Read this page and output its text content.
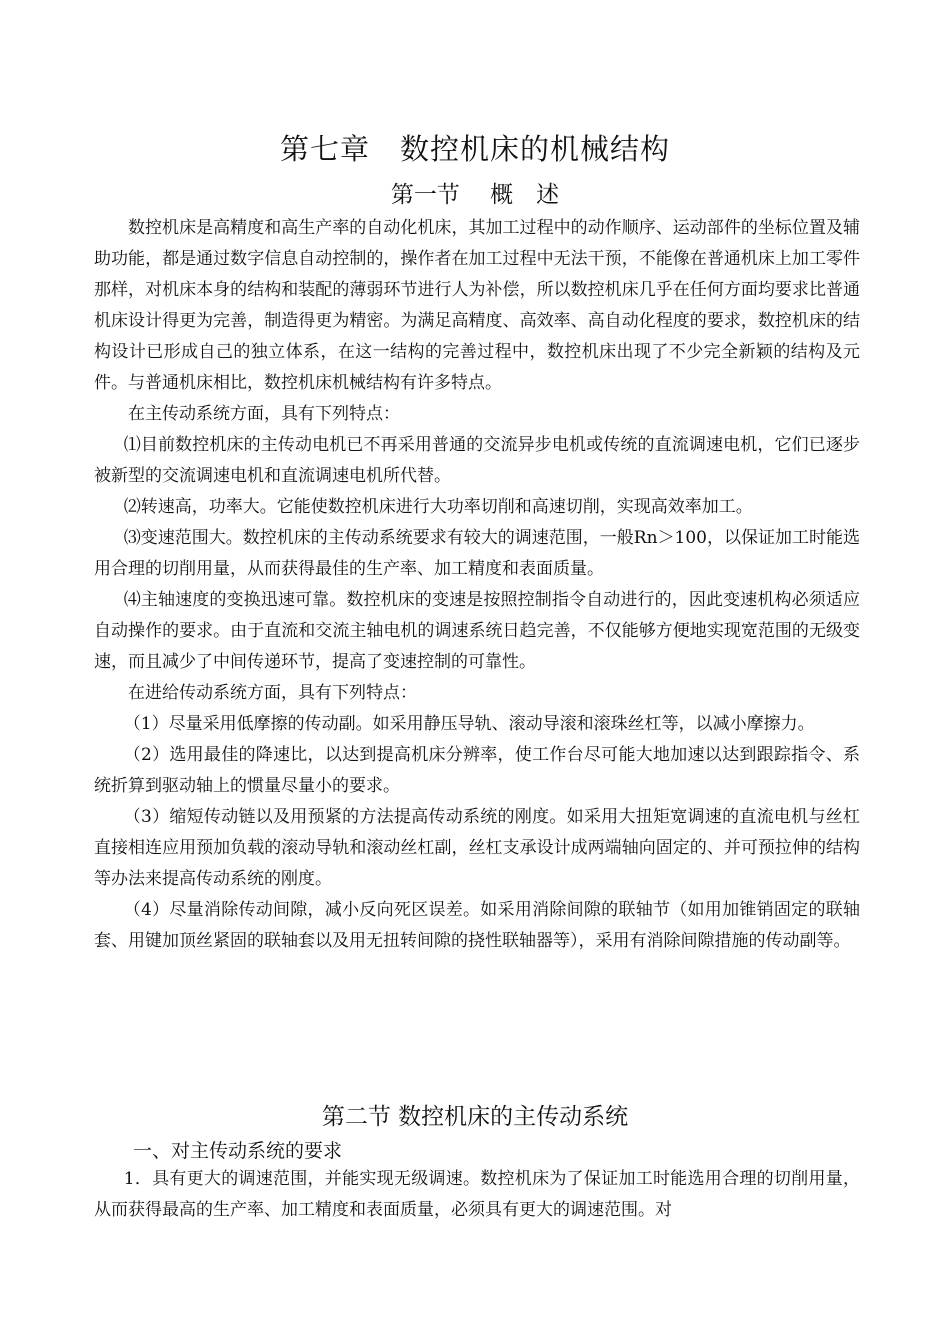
第七章　数控机床的机械结构
第一节　 概　述

数控机床是高精度和高生产率的自动化机床，其加工过程中的动作顺序、运动部件的坐标位置及辅助功能，都是通过数字信息自动控制的，操作者在加工过程中无法干预，不能像在普通机床上加工零件那样，对机床本身的结构和装配的薄弱环节进行人为补偿，所以数控机床几乎在任何方面均要求比普通机床设计得更为完善，制造得更为精密。为满足高精度、高效率、高自动化程度的要求，数控机床的结构设计已形成自己的独立体系，在这一结构的完善过程中，数控机床出现了不少完全新颖的结构及元件。与普通机床相比，数控机床机械结构有许多特点。

在主传动系统方面，具有下列特点：

⑴目前数控机床的主传动电机已不再采用普通的交流异步电机或传统的直流调速电机，它们已逐步被新型的交流调速电机和直流调速电机所代替。

⑵转速高，功率大。它能使数控机床进行大功率切削和高速切削，实现高效率加工。

⑶变速范围大。数控机床的主传动系统要求有较大的调速范围，一般Rn＞100，以保证加工时能选用合理的切削用量，从而获得最佳的生产率、加工精度和表面质量。

⑷主轴速度的变换迅速可靠。数控机床的变速是按照控制指令自动进行的，因此变速机构必须适应自动操作的要求。由于直流和交流主轴电机的调速系统日趋完善，不仅能够方便地实现宽范围的无级变速，而且减少了中间传递环节，提高了变速控制的可靠性。

在进给传动系统方面，具有下列特点：

（1）尽量采用低摩擦的传动副。如采用静压导轨、滚动导滚和滚珠丝杠等，以减小摩擦力。

（2）选用最佳的降速比，以达到提高机床分辨率，使工作台尽可能大地加速以达到跟踪指令、系统折算到驱动轴上的惯量尽量小的要求。

（3）缩短传动链以及用预紧的方法提高传动系统的刚度。如采用大扭矩宽调速的直流电机与丝杠直接相连应用预加负载的滚动导轨和滚动丝杠副，丝杠支承设计成两端轴向固定的、并可预拉伸的结构等办法来提高传动系统的刚度。

（4）尽量消除传动间隙，减小反向死区误差。如采用消除间隙的联轴节（如用加锥销固定的联轴套、用键加顶丝紧固的联轴套以及用无扭转间隙的挠性联轴器等），采用有消除间隙措施的传动副等。

第二节 数控机床的主传动系统
一、对主传动系统的要求

1．具有更大的调速范围，并能实现无级调速。数控机床为了保证加工时能选用合理的切削用量，从而获得最高的生产率、加工精度和表面质量，必须具有更大的调速范围。对
